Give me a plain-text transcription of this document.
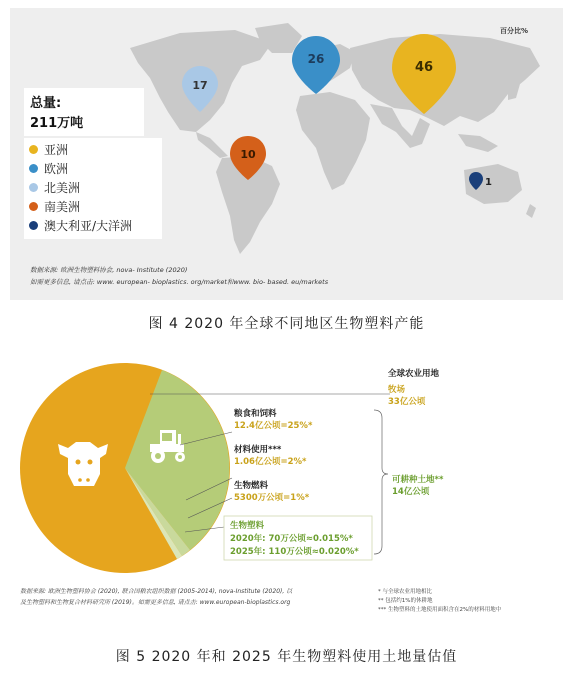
17
26
46
10
1
百分比%
总量:
211万吨
亚洲
欧洲
北美洲
南美洲
澳大利亚/大洋洲
数据来源: 欧洲生物塑料协会, nova- Institute (2020)
如需更多信息, 请点击: www. european- bioplastics. org/market和www. bio- based. eu/markets
图 4 2020 年全球不同地区生物塑料产能
全球农业用地
牧场
33亿公顷
粮食和饲料
12.4亿公顷=25%*
材料使用***
1.06亿公顷=2%*
生物燃料
5300万公顷=1%*
可耕种土地**
14亿公顷
生物塑料
2020年: 70万公顷≈0.015%*
2025年: 110万公顷≈0.020%*
数据来源: 欧洲生物塑料协会 (2020), 联合国粮农组织数据 (2005-2014), nova-Institute (2020), 以
及生物塑料和生物复合材料研究所 (2019)。如需更多信息, 请点击: www.european-bioplastics.org
* 与全球农业用地相比
** 包括约1%的休耕地
*** 生物塑料的土地使用面积含在2%的材料用地中
图 5 2020 年和 2025 年生物塑料使用土地量估值
